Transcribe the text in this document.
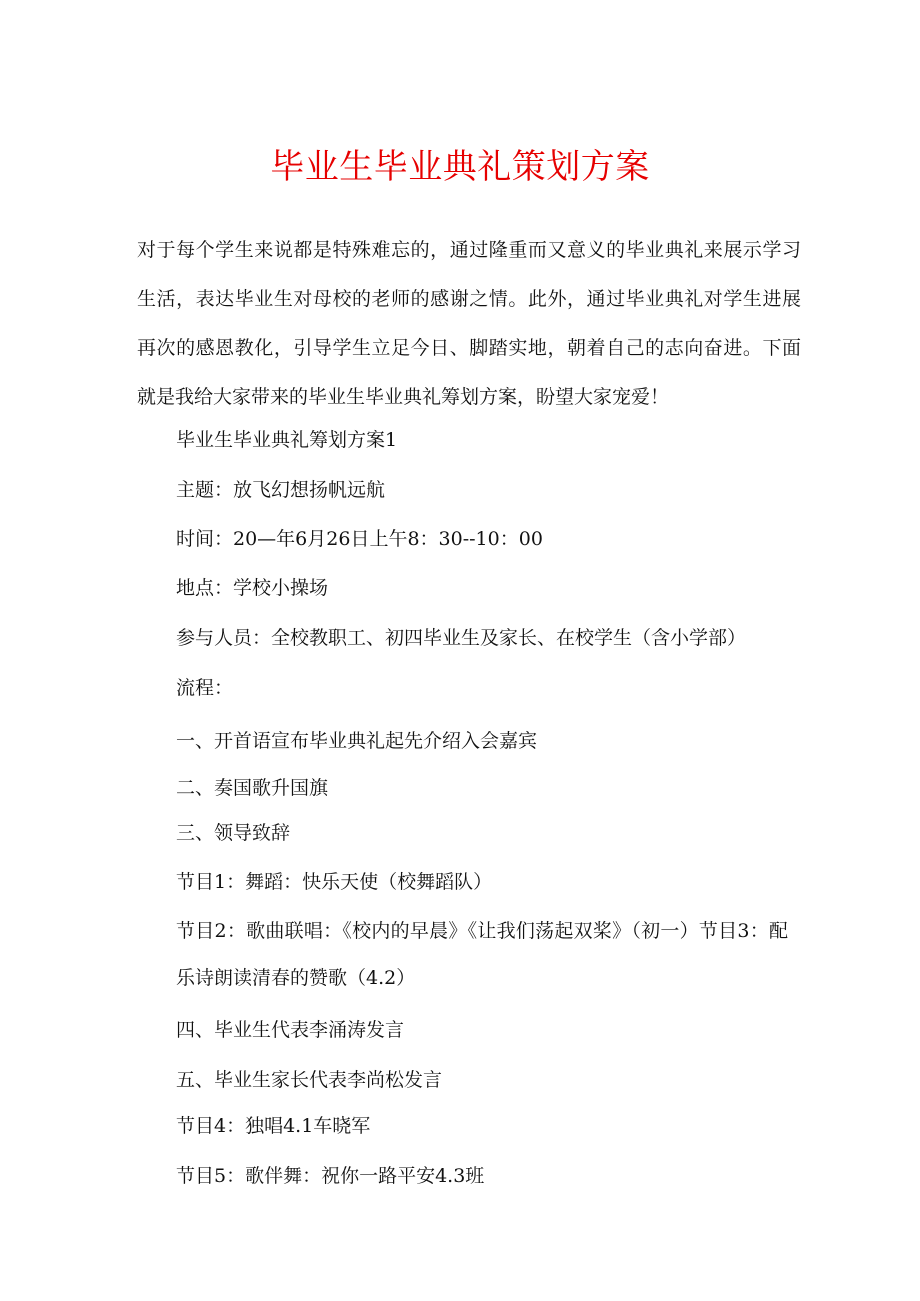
毕业生毕业典礼策划方案
对于每个学生来说都是特殊难忘的，通过隆重而又意义的毕业典礼来展示学习生活，表达毕业生对母校的老师的感谢之情。此外，通过毕业典礼对学生进展再次的感恩教化，引导学生立足今日、脚踏实地，朝着自己的志向奋进。下面就是我给大家带来的毕业生毕业典礼筹划方案，盼望大家宠爱！
毕业生毕业典礼筹划方案1
主题：放飞幻想扬帆远航
时间：20—年6月26日上午8：30--10：00
地点：学校小操场
参与人员：全校教职工、初四毕业生及家长、在校学生（含小学部）
流程：
一、开首语宣布毕业典礼起先介绍入会嘉宾
二、奏国歌升国旗
三、领导致辞
节目1：舞蹈：快乐天使（校舞蹈队）
节目2：歌曲联唱：《校内的早晨》《让我们荡起双桨》（初一）节目3：配乐诗朗读清春的赞歌（4.2）
四、毕业生代表李涌涛发言
五、毕业生家长代表李尚松发言
节目4：独唱4.1车晓军
节目5：歌伴舞：祝你一路平安4.3班
